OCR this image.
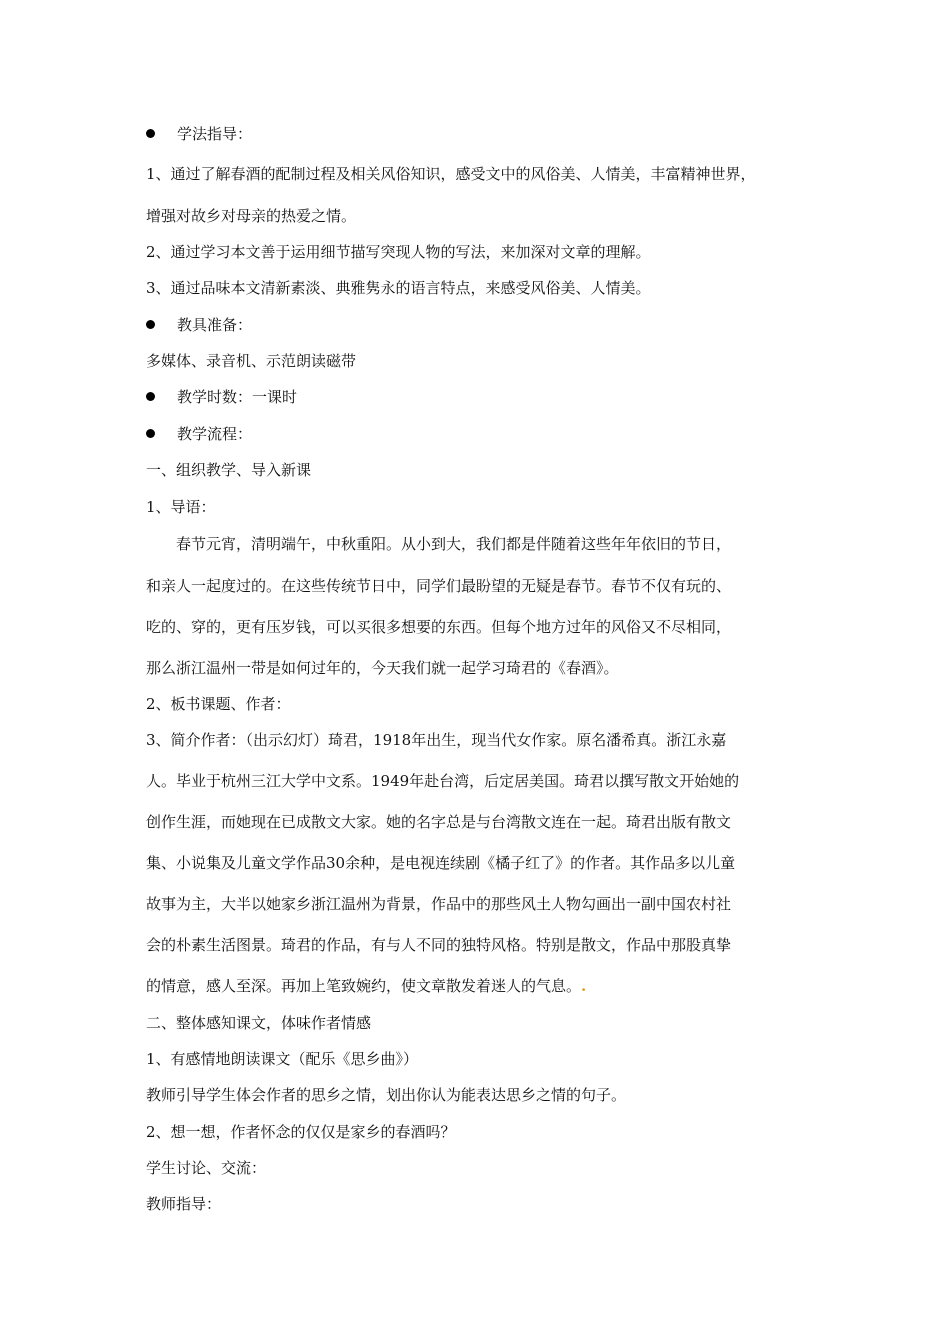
学法指导：
1、通过了解春酒的配制过程及相关风俗知识，感受文中的风俗美、人情美，丰富精神世界，
增强对故乡对母亲的热爱之情。
2、通过学习本文善于运用细节描写突现人物的写法，来加深对文章的理解。
3、通过品味本文清新素淡、典雅隽永的语言特点，来感受风俗美、人情美。
教具准备：
多媒体、录音机、示范朗读磁带
教学时数：一课时
教学流程：
一、组织教学、导入新课
1、导语：
春节元宵，清明端午，中秋重阳。从小到大，我们都是伴随着这些年年依旧的节日，
和亲人一起度过的。在这些传统节日中，同学们最盼望的无疑是春节。春节不仅有玩的、
吃的、穿的，更有压岁钱，可以买很多想要的东西。但每个地方过年的风俗又不尽相同，
那么浙江温州一带是如何过年的，今天我们就一起学习琦君的《春酒》。
2、板书课题、作者：
3、简介作者：（出示幻灯）琦君，1918年出生，现当代女作家。原名潘希真。浙江永嘉
人。毕业于杭州三江大学中文系。1949年赴台湾，后定居美国。琦君以撰写散文开始她的
创作生涯，而她现在已成散文大家。她的名字总是与台湾散文连在一起。琦君出版有散文
集、小说集及儿童文学作品30余种，是电视连续剧《橘子红了》的作者。其作品多以儿童
故事为主，大半以她家乡浙江温州为背景，作品中的那些风土人物勾画出一副中国农村社
会的朴素生活图景。琦君的作品，有与人不同的独特风格。特别是散文，作品中那股真挚
的情意，感人至深。再加上笔致婉约，使文章散发着迷人的气息。.
二、整体感知课文，体味作者情感
1、有感情地朗读课文（配乐《思乡曲》）
教师引导学生体会作者的思乡之情，划出你认为能表达思乡之情的句子。
2、想一想，作者怀念的仅仅是家乡的春酒吗？
学生讨论、交流：
教师指导：
